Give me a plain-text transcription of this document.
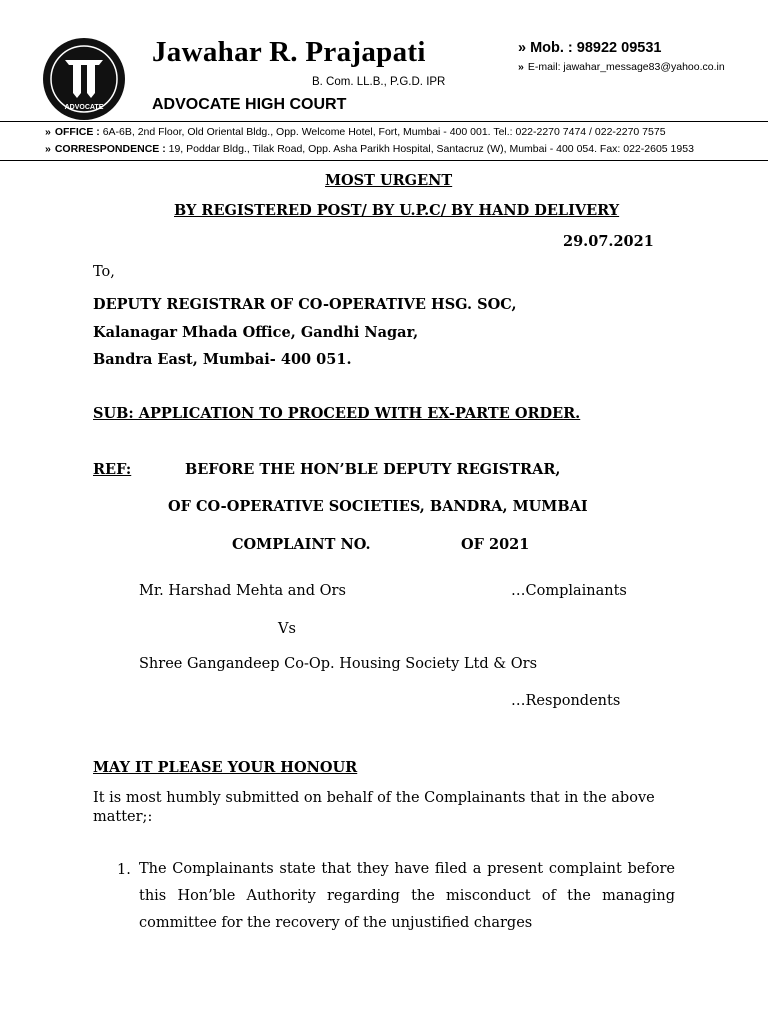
ADVOCATE
Jawahar R. Prajapati
B. Com. LL.B., P.G.D. IPR
ADVOCATE HIGH COURT
» Mob. : 98922 09531
» E-mail: jawahar_message83@yahoo.co.in
» OFFICE : 6A-6B, 2nd Floor, Old Oriental Bldg., Opp. Welcome Hotel, Fort, Mumbai - 400 001. Tel.: 022-2270 7474 / 022-2270 7575
» CORRESPONDENCE : 19, Poddar Bldg., Tilak Road, Opp. Asha Parikh Hospital, Santacruz (W), Mumbai - 400 054. Fax: 022-2605 1953
MOST URGENT
BY REGISTERED POST/ BY U.P.C/ BY HAND DELIVERY
29.07.2021
To,
DEPUTY REGISTRAR OF CO-OPERATIVE HSG. SOC,
Kalanagar Mhada Office, Gandhi Nagar,
Bandra East, Mumbai- 400 051.
SUB: APPLICATION TO PROCEED WITH EX-PARTE ORDER.
REF:	BEFORE THE HON’BLE DEPUTY REGISTRAR,
OF CO-OPERATIVE SOCIETIES, BANDRA, MUMBAI
COMPLAINT NO.	OF 2021
Mr. Harshad Mehta and Ors	…Complainants
Vs
Shree Gangandeep Co-Op. Housing Society Ltd & Ors
…Respondents
MAY IT PLEASE YOUR HONOUR
It is most humbly submitted on behalf of the Complainants that in the above matter;:
1. The Complainants state that they have filed a present complaint before this Hon’ble Authority regarding the misconduct of the managing committee for the recovery of the unjustified charges
